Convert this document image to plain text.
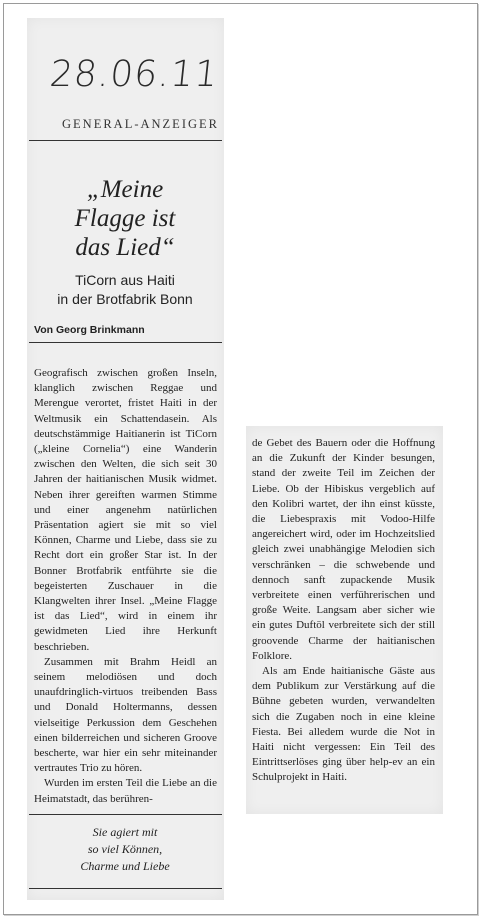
28.06.11
GENERAL-ANZEIGER
„Meine
Flagge ist
das Lied“
TiCorn aus Haiti
in der Brotfabrik Bonn
Von Georg Brinkmann

Geografisch zwischen großen Inseln, klanglich zwischen Reggae und Merengue verortet, fristet Haiti in der Weltmusik ein Schattendasein. Als deutschstämmige Haitianerin ist TiCorn („kleine Cornelia“) eine Wanderin zwischen den Welten, die sich seit 30 Jahren der haitianischen Musik widmet. Neben ihrer gereiften warmen Stimme und einer angenehm natürlichen Präsentation agiert sie mit so viel Können, Charme und Liebe, dass sie zu Recht dort ein großer Star ist. In der Bonner Brotfabrik entführte sie die begeisterten Zuschauer in die Klangwelten ihrer Insel. „Meine Flagge ist das Lied“, wird in einem ihr gewidmeten Lied ihre Herkunft beschrieben.

Zusammen mit Brahm Heidl an seinem melodiösen und doch unaufdringlich-virtuos treibenden Bass und Donald Holtermanns, dessen vielseitige Perkussion dem Geschehen einen bilderreichen und sicheren Groove bescherte, war hier ein sehr miteinander vertrautes Trio zu hören.

Wurden im ersten Teil die Liebe an die Heimatstadt, das berühren-

Sie agiert mit
so viel Können,
Charme und Liebe

de Gebet des Bauern oder die Hoffnung an die Zukunft der Kinder besungen, stand der zweite Teil im Zeichen der Liebe. Ob der Hibiskus vergeblich auf den Kolibri wartet, der ihn einst küsste, die Liebespraxis mit Vodoo-Hilfe angereichert wird, oder im Hochzeitslied gleich zwei unabhängige Melodien sich verschränken – die schwebende und dennoch sanft zupackende Musik verbreitete einen verführerischen und große Weite. Langsam aber sicher wie ein gutes Duftöl verbreitete sich der still groovende Charme der haitianischen Folklore.

Als am Ende haitianische Gäste aus dem Publikum zur Verstärkung auf die Bühne gebeten wurden, verwandelten sich die Zugaben noch in eine kleine Fiesta. Bei alledem wurde die Not in Haiti nicht vergessen: Ein Teil des Eintrittserlöses ging über help-ev an ein Schulprojekt in Haiti.
